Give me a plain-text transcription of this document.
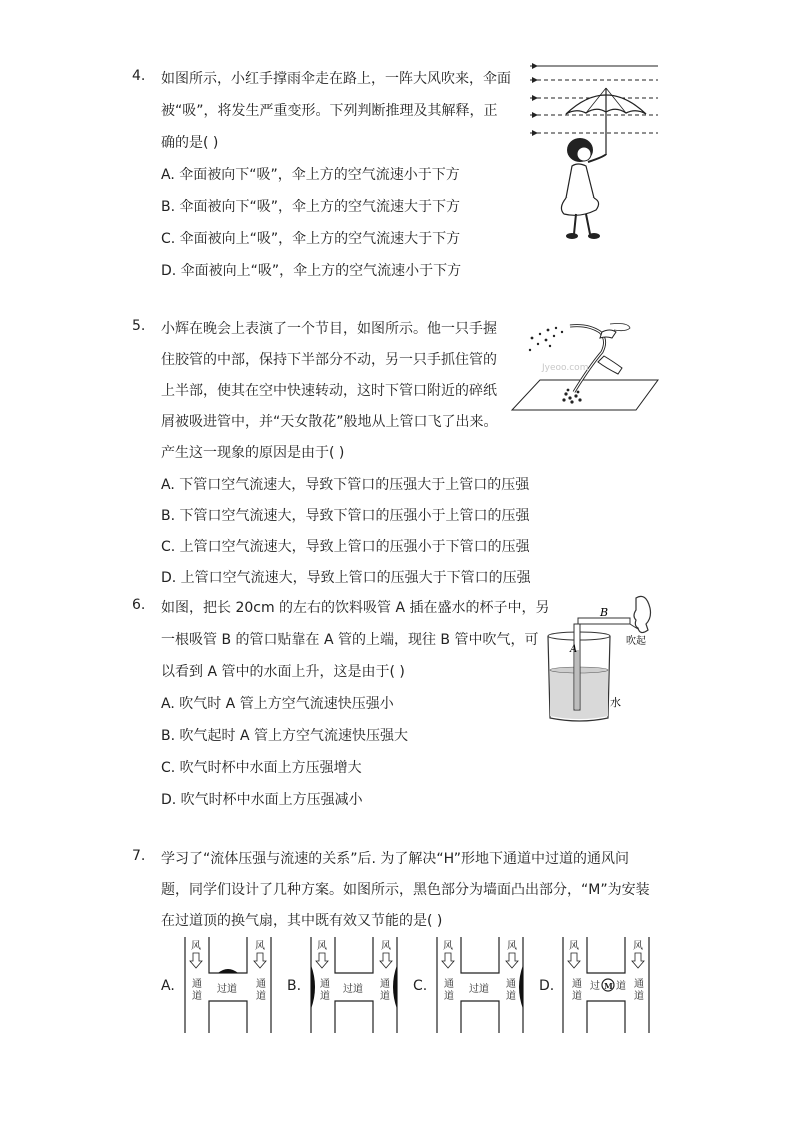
4. 如图所示，小红手撑雨伞走在路上，一阵大风吹来，伞面
被“吸”，将发生严重变形。下列判断推理及其解释，正
确的是( )
A. 伞面被向下“吸”，伞上方的空气流速小于下方
B. 伞面被向下“吸”，伞上方的空气流速大于下方
C. 伞面被向上“吸”，伞上方的空气流速大于下方
D. 伞面被向上“吸”，伞上方的空气流速小于下方
5. 小辉在晚会上表演了一个节目，如图所示。他一只手握
住胶管的中部，保持下半部分不动，另一只手抓住管的
上半部，使其在空中快速转动，这时下管口附近的碎纸
屑被吸进管中，并“天女散花”般地从上管口飞了出来。
产生这一现象的原因是由于( )
A. 下管口空气流速大，导致下管口的压强大于上管口的压强
B. 下管口空气流速大，导致下管口的压强小于上管口的压强
C. 上管口空气流速大，导致上管口的压强小于下管口的压强
D. 上管口空气流速大，导致上管口的压强大于下管口的压强
Jyeoo.com
6. 如图，把长 20cm 的左右的饮料吸管 A 插在盛水的杯子中，另
一根吸管 B 的管口贴靠在 A 管的上端，现往 B 管中吹气，可
以看到 A 管中的水面上升，这是由于( )
A. 吹气时 A 管上方空气流速快压强小
B. 吹气起时 A 管上方空气流速快压强大
C. 吹气时杯中水面上方压强增大
D. 吹气时杯中水面上方压强减小
B
A
吹起
水
7. 学习了“流体压强与流速的关系”后. 为了解决“H”形地下通道中过道的通风问
题，同学们设计了几种方案。如图所示，黑色部分为墙面凸出部分，“M”为安装
在过道顶的换气扇，其中既有效又节能的是( )
A.	B.	C.	D.
风	风
通
道
通
道
过道
风	风
通
道
通
道
过道
风	风
通
道
通
道
过道
风	风
通
道
通
道
过 M 道
